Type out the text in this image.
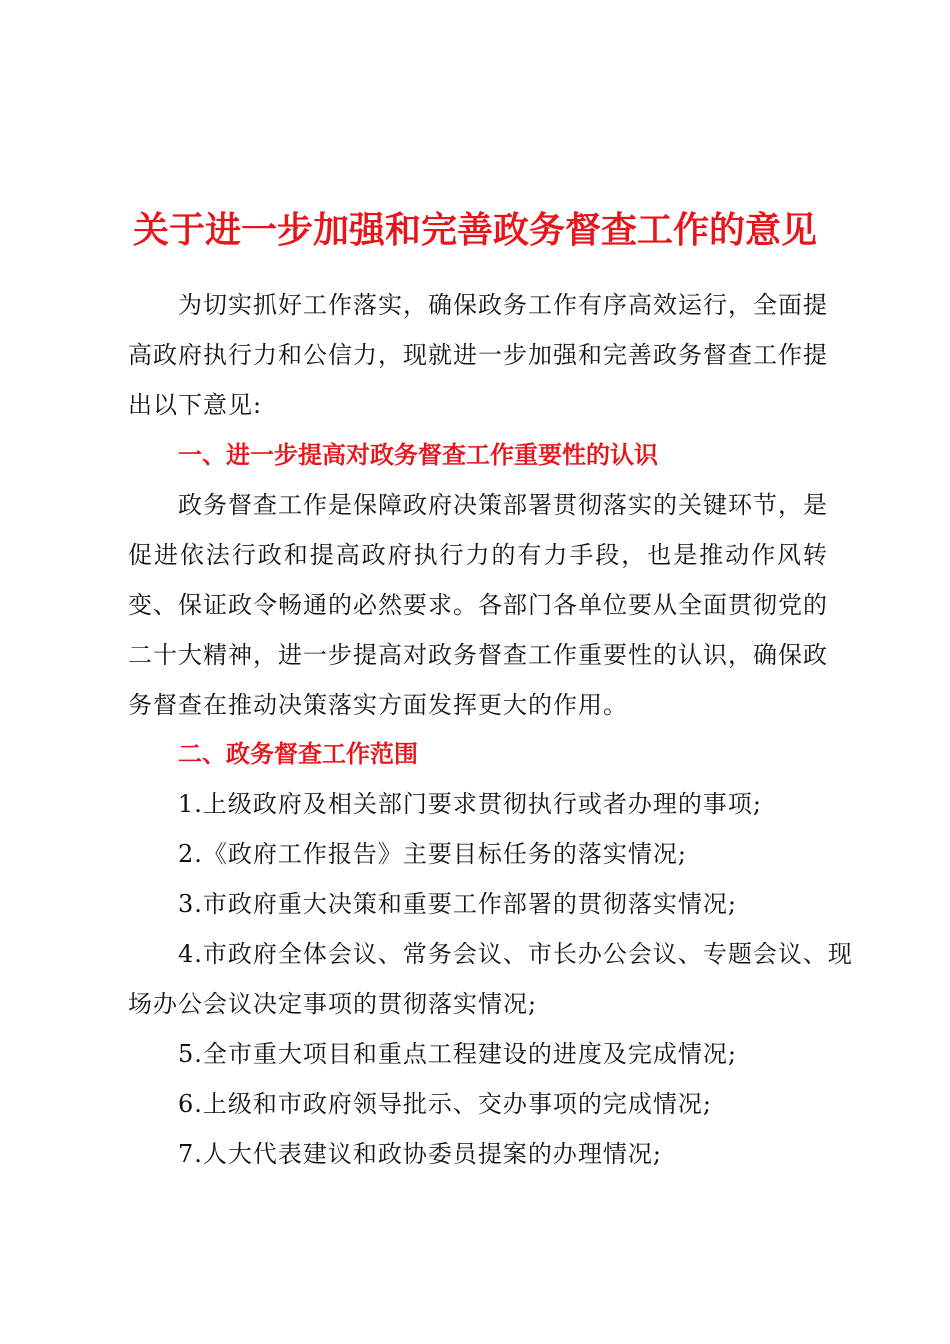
关于进一步加强和完善政务督查工作的意见

为切实抓好工作落实，确保政务工作有序高效运行，全面提高政府执行力和公信力，现就进一步加强和完善政务督查工作提出以下意见:

一、进一步提高对政务督查工作重要性的认识

政务督查工作是保障政府决策部署贯彻落实的关键环节，是促进依法行政和提高政府执行力的有力手段，也是推动作风转变、保证政令畅通的必然要求。各部门各单位要从全面贯彻党的二十大精神，进一步提高对政务督查工作重要性的认识，确保政务督查在推动决策落实方面发挥更大的作用。

二、政务督查工作范围

1.上级政府及相关部门要求贯彻执行或者办理的事项;

2.《政府工作报告》主要目标任务的落实情况;

3.市政府重大决策和重要工作部署的贯彻落实情况;

4.市政府全体会议、常务会议、市长办公会议、专题会议、现场办公会议决定事项的贯彻落实情况;

5.全市重大项目和重点工程建设的进度及完成情况;

6.上级和市政府领导批示、交办事项的完成情况;

7.人大代表建议和政协委员提案的办理情况;
